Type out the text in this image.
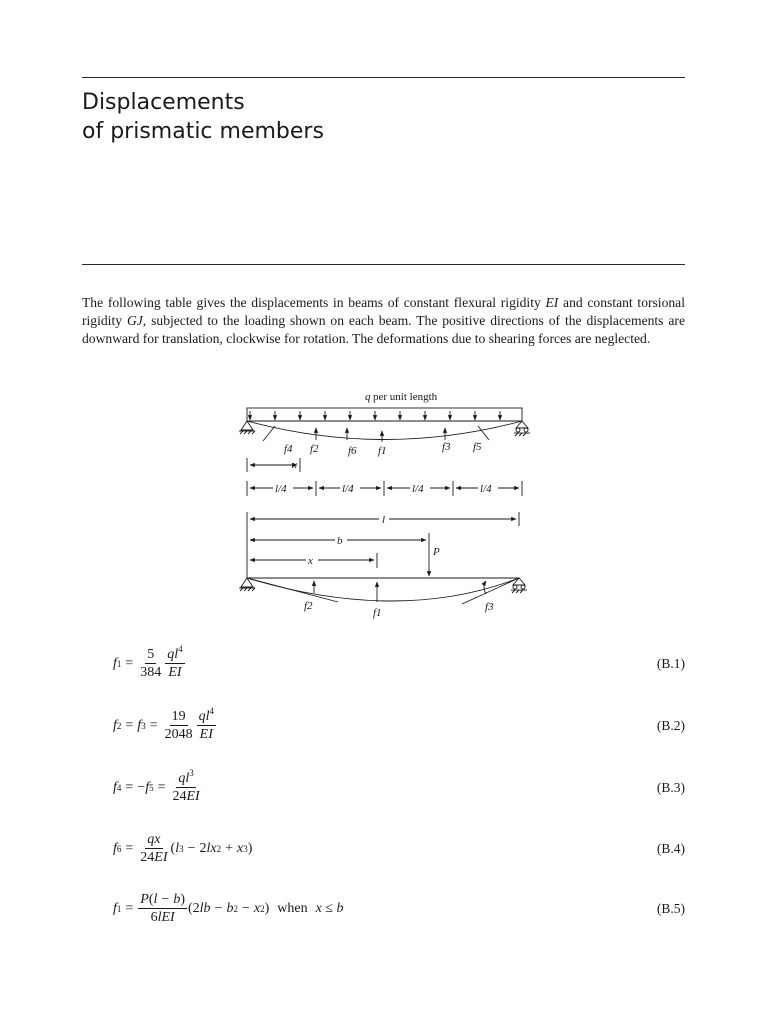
Displacements
of prismatic members

The following table gives the displacements in beams of constant flexural rigidity EI and constant torsional rigidity GJ, subjected to the loading shown on each beam. The positive directions of the displacements are downward for translation, clockwise for rotation. The deformations due to shearing forces are neglected.

q per unit length
f4 f2	f6 f1	f3 f5
x
l/4	l/4	l/4	l/4
l
b
x
P
f2
f1	f3
f $1 = \frac{5}{384} \frac{ql^4}{EI}$	(B.1)
f 2 = f $3 = \frac{19}{2048} \frac{ql^4}{EI}$	(B.2)
f 4 = − f $5 = \frac{ql^3}{24EI}$	(B.3)
f $6 = \frac{qx}{24EI}$ ( l 3 − 2 lx 2 + x 3 )	(B.4)
f $1 = \frac{P(l - b)}{\text{6lEI}} (2$ lb − b 2 − x 2 ) when x ≤ b	(B.5)
